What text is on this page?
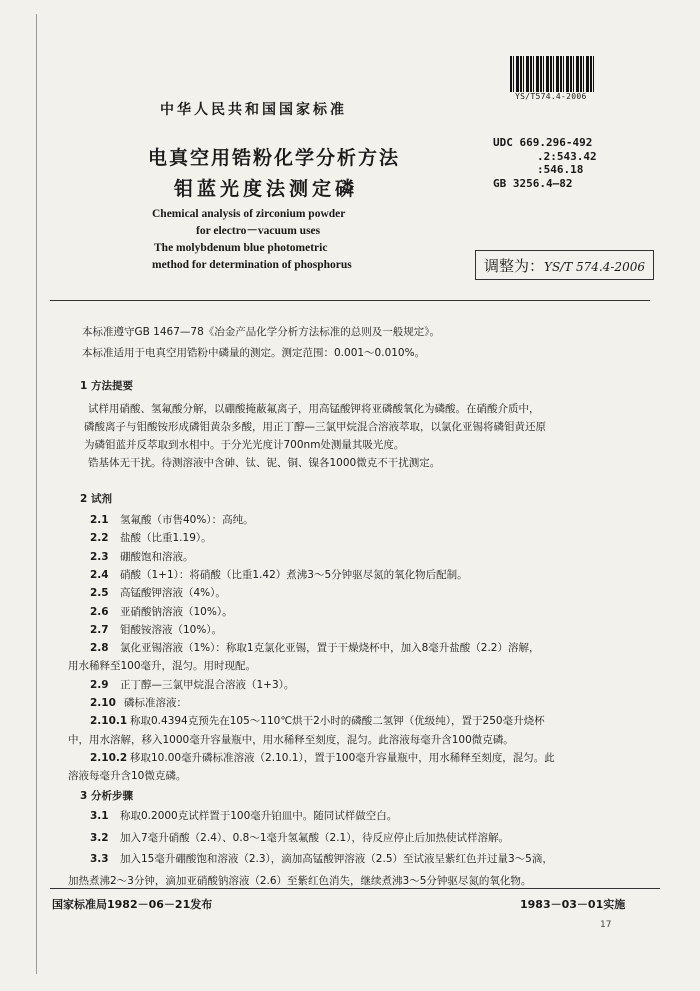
YS/T574.4-2006
中华人民共和国国家标准
电真空用锆粉化学分析方法
钼蓝光度法测定磷
Chemical analysis of zirconium powder
for electro－vacuum uses
The molybdenum blue photometric
method for determination of phosphorus
UDC 669.296-492
.2:543.42
:546.18
GB 3256.4—82
调整为：YS/T 574.4-2006
本标准遵守GB 1467—78《冶金产品化学分析方法标准的总则及一般规定》。
本标准适用于电真空用锆粉中磷量的测定。测定范围：0.001～0.010%。
1 方法提要
试样用硝酸、氢氟酸分解，以硼酸掩蔽氟离子，用高锰酸钾将亚磷酸氧化为磷酸。在硝酸介质中，
磷酸离子与钼酸铵形成磷钼黄杂多酸，用正丁醇—三氯甲烷混合溶液萃取，以氯化亚锡将磷钼黄还原
为磷钼蓝并反萃取到水相中。于分光光度计700nm处测量其吸光度。
锆基体无干扰。待测溶液中含砷、钛、铌、铜、镍各1000微克不干扰测定。
2 试剂
2.1 氢氟酸（市售40%）：高纯。
2.2 盐酸（比重1.19）。
2.3 硼酸饱和溶液。
2.4 硝酸（1+1）：将硝酸（比重1.42）煮沸3～5分钟驱尽氮的氧化物后配制。
2.5 高锰酸钾溶液（4%）。
2.6 亚硝酸钠溶液（10%）。
2.7 钼酸铵溶液（10%）。
2.8 氯化亚锡溶液（1%）：称取1克氯化亚锡，置于干燥烧杯中，加入8毫升盐酸（2.2）溶解，
用水稀释至100毫升，混匀。用时现配。
2.9 正丁醇—三氯甲烷混合溶液（1+3）。
2.10 磷标准溶液：
2.10.1 称取0.4394克预先在105～110℃烘干2小时的磷酸二氢钾（优级纯），置于250毫升烧杯
中，用水溶解，移入1000毫升容量瓶中，用水稀释至刻度，混匀。此溶液每毫升含100微克磷。
2.10.2 移取10.00毫升磷标准溶液（2.10.1），置于100毫升容量瓶中，用水稀释至刻度，混匀。此
溶液每毫升含10微克磷。
3 分析步骤
3.1 称取0.2000克试样置于100毫升铂皿中。随同试样做空白。
3.2 加入7毫升硝酸（2.4）、0.8～1毫升氢氟酸（2.1），待反应停止后加热使试样溶解。
3.3 加入15毫升硼酸饱和溶液（2.3），滴加高锰酸钾溶液（2.5）至试液呈紫红色并过量3～5滴，
加热煮沸2～3分钟，滴加亚硝酸钠溶液（2.6）至紫红色消失，继续煮沸3～5分钟驱尽氮的氧化物。
国家标准局1982－06－21发布	1983－03－01实施
17
